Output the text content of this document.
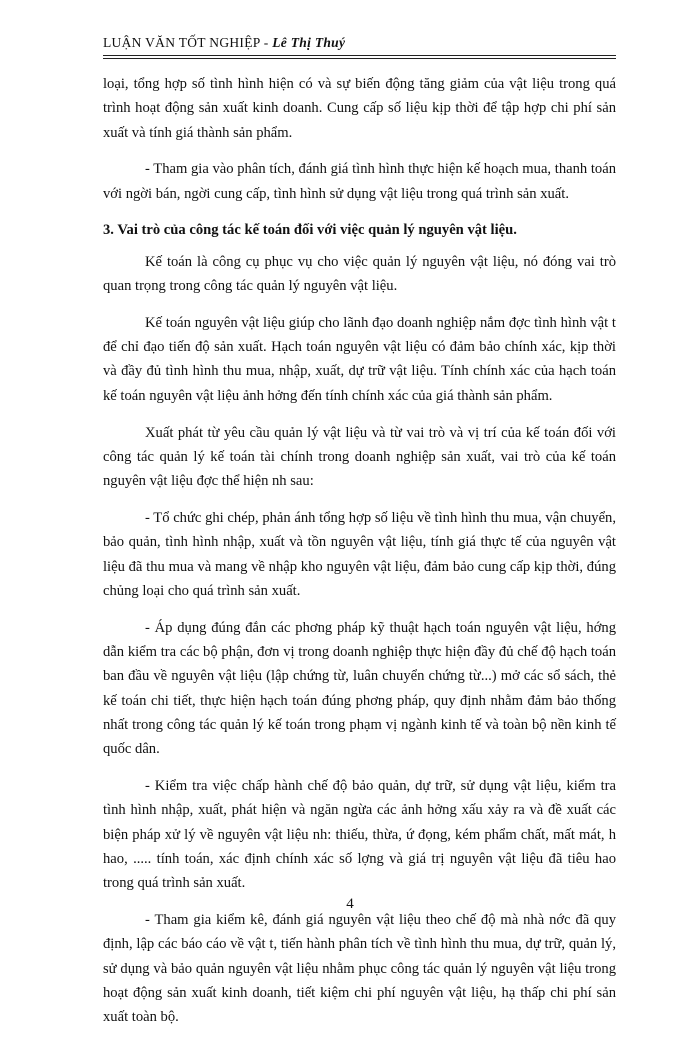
LUẬN VĂN TỐT NGHIỆP - Lê Thị Thuý

loại, tổng hợp số tình hình hiện có và sự biến động tăng giảm của vật liệu trong quá trình hoạt động sản xuất kinh doanh. Cung cấp số liệu kịp thời để tập hợp chi phí sản xuất và tính giá thành sản phẩm.

- Tham gia vào phân tích, đánh giá tình hình thực hiện kế hoạch mua, thanh toán với ngời bán, ngời cung cấp, tình hình sử dụng vật liệu trong quá trình sản xuất.

3. Vai trò của công tác kế toán đối với việc quản lý nguyên vật liệu.

Kế toán là công cụ phục vụ cho việc quản lý nguyên vật liệu, nó đóng vai trò quan trọng trong công tác quản lý nguyên vật liệu.

Kế toán nguyên vật liệu giúp cho lãnh đạo doanh nghiệp nắm đợc tình hình vật t để chỉ đạo tiến độ sản xuất. Hạch toán nguyên vật liệu có đảm bảo chính xác, kịp thời và đầy đủ tình hình thu mua, nhập, xuất, dự trữ vật liệu. Tính chính xác của hạch toán kế toán nguyên vật liệu ảnh hởng đến tính chính xác của giá thành sản phẩm.

Xuất phát từ yêu cầu quản lý vật liệu và từ vai trò và vị trí của kế toán đối với công tác quản lý kế toán tài chính trong doanh nghiệp sản xuất, vai trò của kế toán nguyên vật liệu đợc thể hiện nh sau:

- Tổ chức ghi chép, phản ánh tổng hợp số liệu về tình hình thu mua, vận chuyển, bảo quản, tình hình nhập, xuất và tồn nguyên vật liệu, tính giá thực tế của nguyên vật liệu đã thu mua và mang về nhập kho nguyên vật liệu, đảm bảo cung cấp kịp thời, đúng chủng loại cho quá trình sản xuất.

- Áp dụng đúng đắn các phơng pháp kỹ thuật hạch toán nguyên vật liệu, hớng dẫn kiểm tra các bộ phận, đơn vị trong doanh nghiệp thực hiện đầy đủ chế độ hạch toán ban đầu về nguyên vật liệu (lập chứng từ, luân chuyển chứng từ...) mở các sổ sách, thẻ kế toán chi tiết, thực hiện hạch toán đúng phơng pháp, quy định nhằm đảm bảo thống nhất trong công tác quản lý kế toán trong phạm vị ngành kinh tế và toàn bộ nền kinh tế quốc dân.

- Kiểm tra việc chấp hành chế độ bảo quản, dự trữ, sử dụng vật liệu, kiểm tra tình hình nhập, xuất, phát hiện và ngăn ngừa các ảnh hởng xấu xảy ra và đề xuất các biện pháp xử lý về nguyên vật liệu nh: thiếu, thừa, ứ đọng, kém phẩm chất, mất mát, h hao, ..... tính toán, xác định chính xác số lợng và giá trị nguyên vật liệu đã tiêu hao trong quá trình sản xuất.

- Tham gia kiểm kê, đánh giá nguyên vật liệu theo chế độ mà nhà nớc đã quy định, lập các báo cáo về vật t, tiến hành phân tích về tình hình thu mua, dự trữ, quản lý, sử dụng và bảo quản nguyên vật liệu nhằm phục công tác quản lý nguyên vật liệu trong hoạt động sản xuất kinh doanh, tiết kiệm chi phí nguyên vật liệu, hạ thấp chi phí sản xuất toàn bộ.

4
